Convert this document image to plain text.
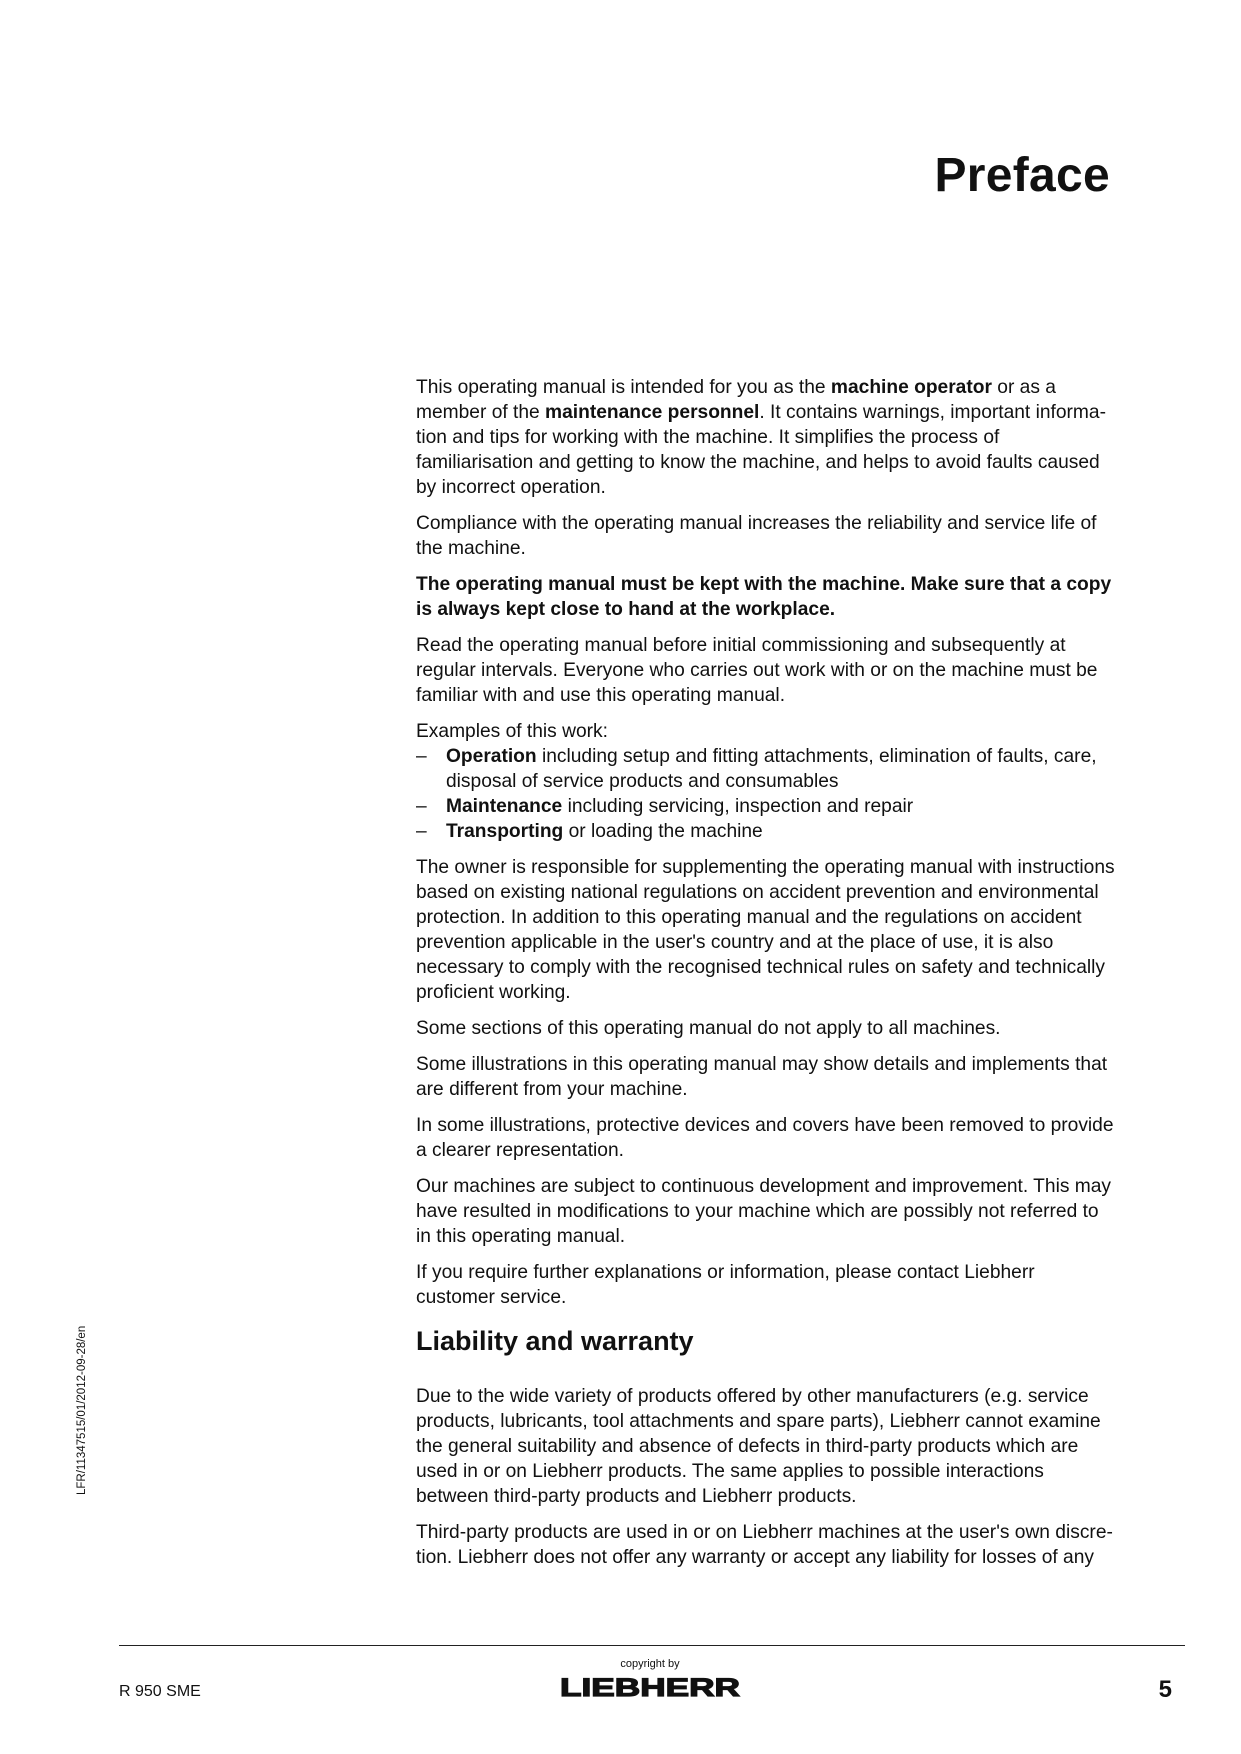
Preface

This operating manual is intended for you as the machine operator or as a member of the maintenance personnel. It contains warnings, important information and tips for working with the machine. It simplifies the process of familiarisation and getting to know the machine, and helps to avoid faults caused by incorrect operation.

Compliance with the operating manual increases the reliability and service life of the machine.

The operating manual must be kept with the machine. Make sure that a copy is always kept close to hand at the workplace.

Read the operating manual before initial commissioning and subsequently at regular intervals. Everyone who carries out work with or on the machine must be familiar with and use this operating manual.

Examples of this work:

– Operation including setup and fitting attachments, elimination of faults, care, disposal of service products and consumables
– Maintenance including servicing, inspection and repair
– Transporting or loading the machine

The owner is responsible for supplementing the operating manual with instructions based on existing national regulations on accident prevention and environmental protection. In addition to this operating manual and the regulations on accident prevention applicable in the user's country and at the place of use, it is also necessary to comply with the recognised technical rules on safety and technically proficient working.

Some sections of this operating manual do not apply to all machines.

Some illustrations in this operating manual may show details and implements that are different from your machine.

In some illustrations, protective devices and covers have been removed to provide a clearer representation.

Our machines are subject to continuous development and improvement. This may have resulted in modifications to your machine which are possibly not referred to in this operating manual.

If you require further explanations or information, please contact Liebherr customer service.

Liability and warranty

Due to the wide variety of products offered by other manufacturers (e.g. service products, lubricants, tool attachments and spare parts), Liebherr cannot examine the general suitability and absence of defects in third-party products which are used in or on Liebherr products. The same applies to possible interactions between third-party products and Liebherr products.

Third-party products are used in or on Liebherr machines at the user's own discretion. Liebherr does not offer any warranty or accept any liability for losses of any

LFR/11347515/01/2012-09-28/en
R 950 SME
copyright by
LIEBHERR	5
